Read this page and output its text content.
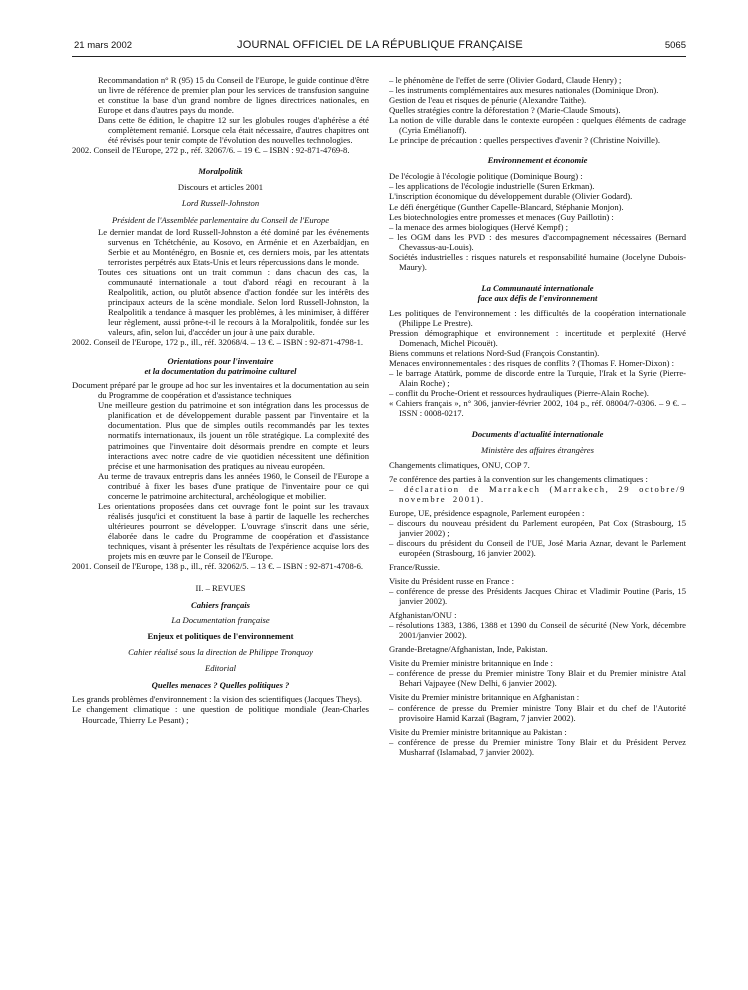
21 mars 2002	JOURNAL OFFICIEL DE LA RÉPUBLIQUE FRANÇAISE	5065

Recommandation n° R (95) 15 du Conseil de l'Europe, le guide continue d'être un livre de référence de premier plan pour les services de transfusion sanguine et constitue la base d'un grand nombre de lignes directrices nationales, en Europe et dans d'autres pays du monde.

Dans cette 8e édition, le chapitre 12 sur les globules rouges d'aphérèse a été complètement remanié. Lorsque cela était nécessaire, d'autres chapitres ont été révisés pour tenir compte de l'évolution des nouvelles technologies.

2002. Conseil de l'Europe, 272 p., réf. 32067/6. – 19 €. – ISBN : 92-871-4769-8.

Moralpolitik

Discours et articles 2001

Lord Russell-Johnston

Président de l'Assemblée parlementaire du Conseil de l'Europe

Le dernier mandat de lord Russell-Johnston a été dominé par les événements survenus en Tchétchénie, au Kosovo, en Arménie et en Azerbaïdjan, en Serbie et au Monténégro, en Bosnie et, ces derniers mois, par les attentats terroristes perpétrés aux Etats-Unis et leurs répercussions dans le monde.

Toutes ces situations ont un trait commun : dans chacun des cas, la communauté internationale a tout d'abord réagi en recourant à la Realpolitik, action, ou plutôt absence d'action fondée sur les intérêts des principaux acteurs de la scène mondiale. Selon lord Russell-Johnston, la Realpolitik a tendance à masquer les problèmes, à les minimiser, à différer leur règlement, aussi prône-t-il le recours à la Moralpolitik, fondée sur les valeurs, afin, selon lui, d'accéder un jour à une paix durable.

2002. Conseil de l'Europe, 172 p., ill., réf. 32068/4. – 13 €. – ISBN : 92-871-4798-1.

Orientations pour l'inventaire

et la documentation du patrimoine culturel

Document préparé par le groupe ad hoc sur les inventaires et la documentation au sein du Programme de coopération et d'assistance techniques

Une meilleure gestion du patrimoine et son intégration dans les processus de planification et de développement durable passent par l'inventaire et la documentation. Plus que de simples outils recommandés par les textes normatifs internationaux, ils jouent un rôle stratégique. La complexité des patrimoines que l'inventaire doit désormais prendre en compte et leurs interactions avec notre cadre de vie quotidien nécessitent une définition précise et une harmonisation des pratiques au niveau européen.

Au terme de travaux entrepris dans les années 1960, le Conseil de l'Europe a contribué à fixer les bases d'une pratique de l'inventaire pour ce qui concerne le patrimoine architectural, archéologique et mobilier.

Les orientations proposées dans cet ouvrage font le point sur les travaux réalisés jusqu'ici et constituent la base à partir de laquelle les recherches ultérieures pourront se développer. L'ouvrage s'inscrit dans une série, élaborée dans le cadre du Programme de coopération et d'assistance techniques, visant à présenter les résultats de l'expérience acquise lors des projets mis en œuvre par le Conseil de l'Europe.

2001. Conseil de l'Europe, 138 p., ill., réf. 32062/5. – 13 €. – ISBN : 92-871-4708-6.

II. – REVUES

Cahiers français

La Documentation française

Enjeux et politiques de l'environnement

Cahier réalisé sous la direction de Philippe Tronquoy

Editorial

Quelles menaces ? Quelles politiques ?

Les grands problèmes d'environnement : la vision des scientifiques (Jacques Theys).

Le changement climatique : une question de politique mondiale (Jean-Charles Hourcade, Thierry Le Pesant) ;

– le phénomène de l'effet de serre (Olivier Godard, Claude Henry) ;

– les instruments complémentaires aux mesures nationales (Dominique Dron).

Gestion de l'eau et risques de pénurie (Alexandre Taithe).

Quelles stratégies contre la déforestation ? (Marie-Claude Smouts).

La notion de ville durable dans le contexte européen : quelques éléments de cadrage (Cyria Emélianoff).

Le principe de précaution : quelles perspectives d'avenir ? (Christine Noiville).

Environnement et économie

De l'écologie à l'écologie politique (Dominique Bourg) :

– les applications de l'écologie industrielle (Suren Erkman).

L'inscription économique du développement durable (Olivier Godard).

Le défi énergétique (Gunther Capelle-Blancard, Stéphanie Monjon).

Les biotechnologies entre promesses et menaces (Guy Paillotin) :

– la menace des armes biologiques (Hervé Kempf) ;

– les OGM dans les PVD : des mesures d'accompagnement nécessaires (Bernard Chevassus-au-Louis).

Sociétés industrielles : risques naturels et responsabilité humaine (Jocelyne Dubois-Maury).

La Communauté internationale

face aux défis de l'environnement

Les politiques de l'environnement : les difficultés de la coopération internationale (Philippe Le Prestre).

Pression démographique et environnement : incertitude et perplexité (Hervé Domenach, Michel Picouët).

Biens communs et relations Nord-Sud (François Constantin).

Menaces environnementales : des risques de conflits ? (Thomas F. Homer-Dixon) :

– le barrage Atatürk, pomme de discorde entre la Turquie, l'Irak et la Syrie (Pierre-Alain Roche) ;

– conflit du Proche-Orient et ressources hydrauliques (Pierre-Alain Roche).

« Cahiers français », n° 306, janvier-février 2002, 104 p., réf. 08004/7-0306. – 9 €. – ISSN : 0008-0217.

Documents d'actualité internationale

Ministère des affaires étrangères

Changements climatiques, ONU, COP 7.

7e conférence des parties à la convention sur les changements climatiques :

– déclaration de Marrakech (Marrakech, 29 octobre/9 novembre 2001).

Europe, UE, présidence espagnole, Parlement européen :

– discours du nouveau président du Parlement européen, Pat Cox (Strasbourg, 15 janvier 2002) ;

– discours du président du Conseil de l'UE, José Maria Aznar, devant le Parlement européen (Strasbourg, 16 janvier 2002).

France/Russie.

Visite du Président russe en France :

– conférence de presse des Présidents Jacques Chirac et Vladimir Poutine (Paris, 15 janvier 2002).

Afghanistan/ONU :

– résolutions 1383, 1386, 1388 et 1390 du Conseil de sécurité (New York, décembre 2001/janvier 2002).

Grande-Bretagne/Afghanistan, Inde, Pakistan.

Visite du Premier ministre britannique en Inde :

– conférence de presse du Premier ministre Tony Blair et du Premier ministre Atal Behari Vajpayee (New Delhi, 6 janvier 2002).

Visite du Premier ministre britannique en Afghanistan :

– conférence de presse du Premier ministre Tony Blair et du chef de l'Autorité provisoire Hamid Karzaï (Bagram, 7 janvier 2002).

Visite du Premier ministre britannique au Pakistan :

– conférence de presse du Premier ministre Tony Blair et du Président Pervez Musharraf (Islamabad, 7 janvier 2002).
